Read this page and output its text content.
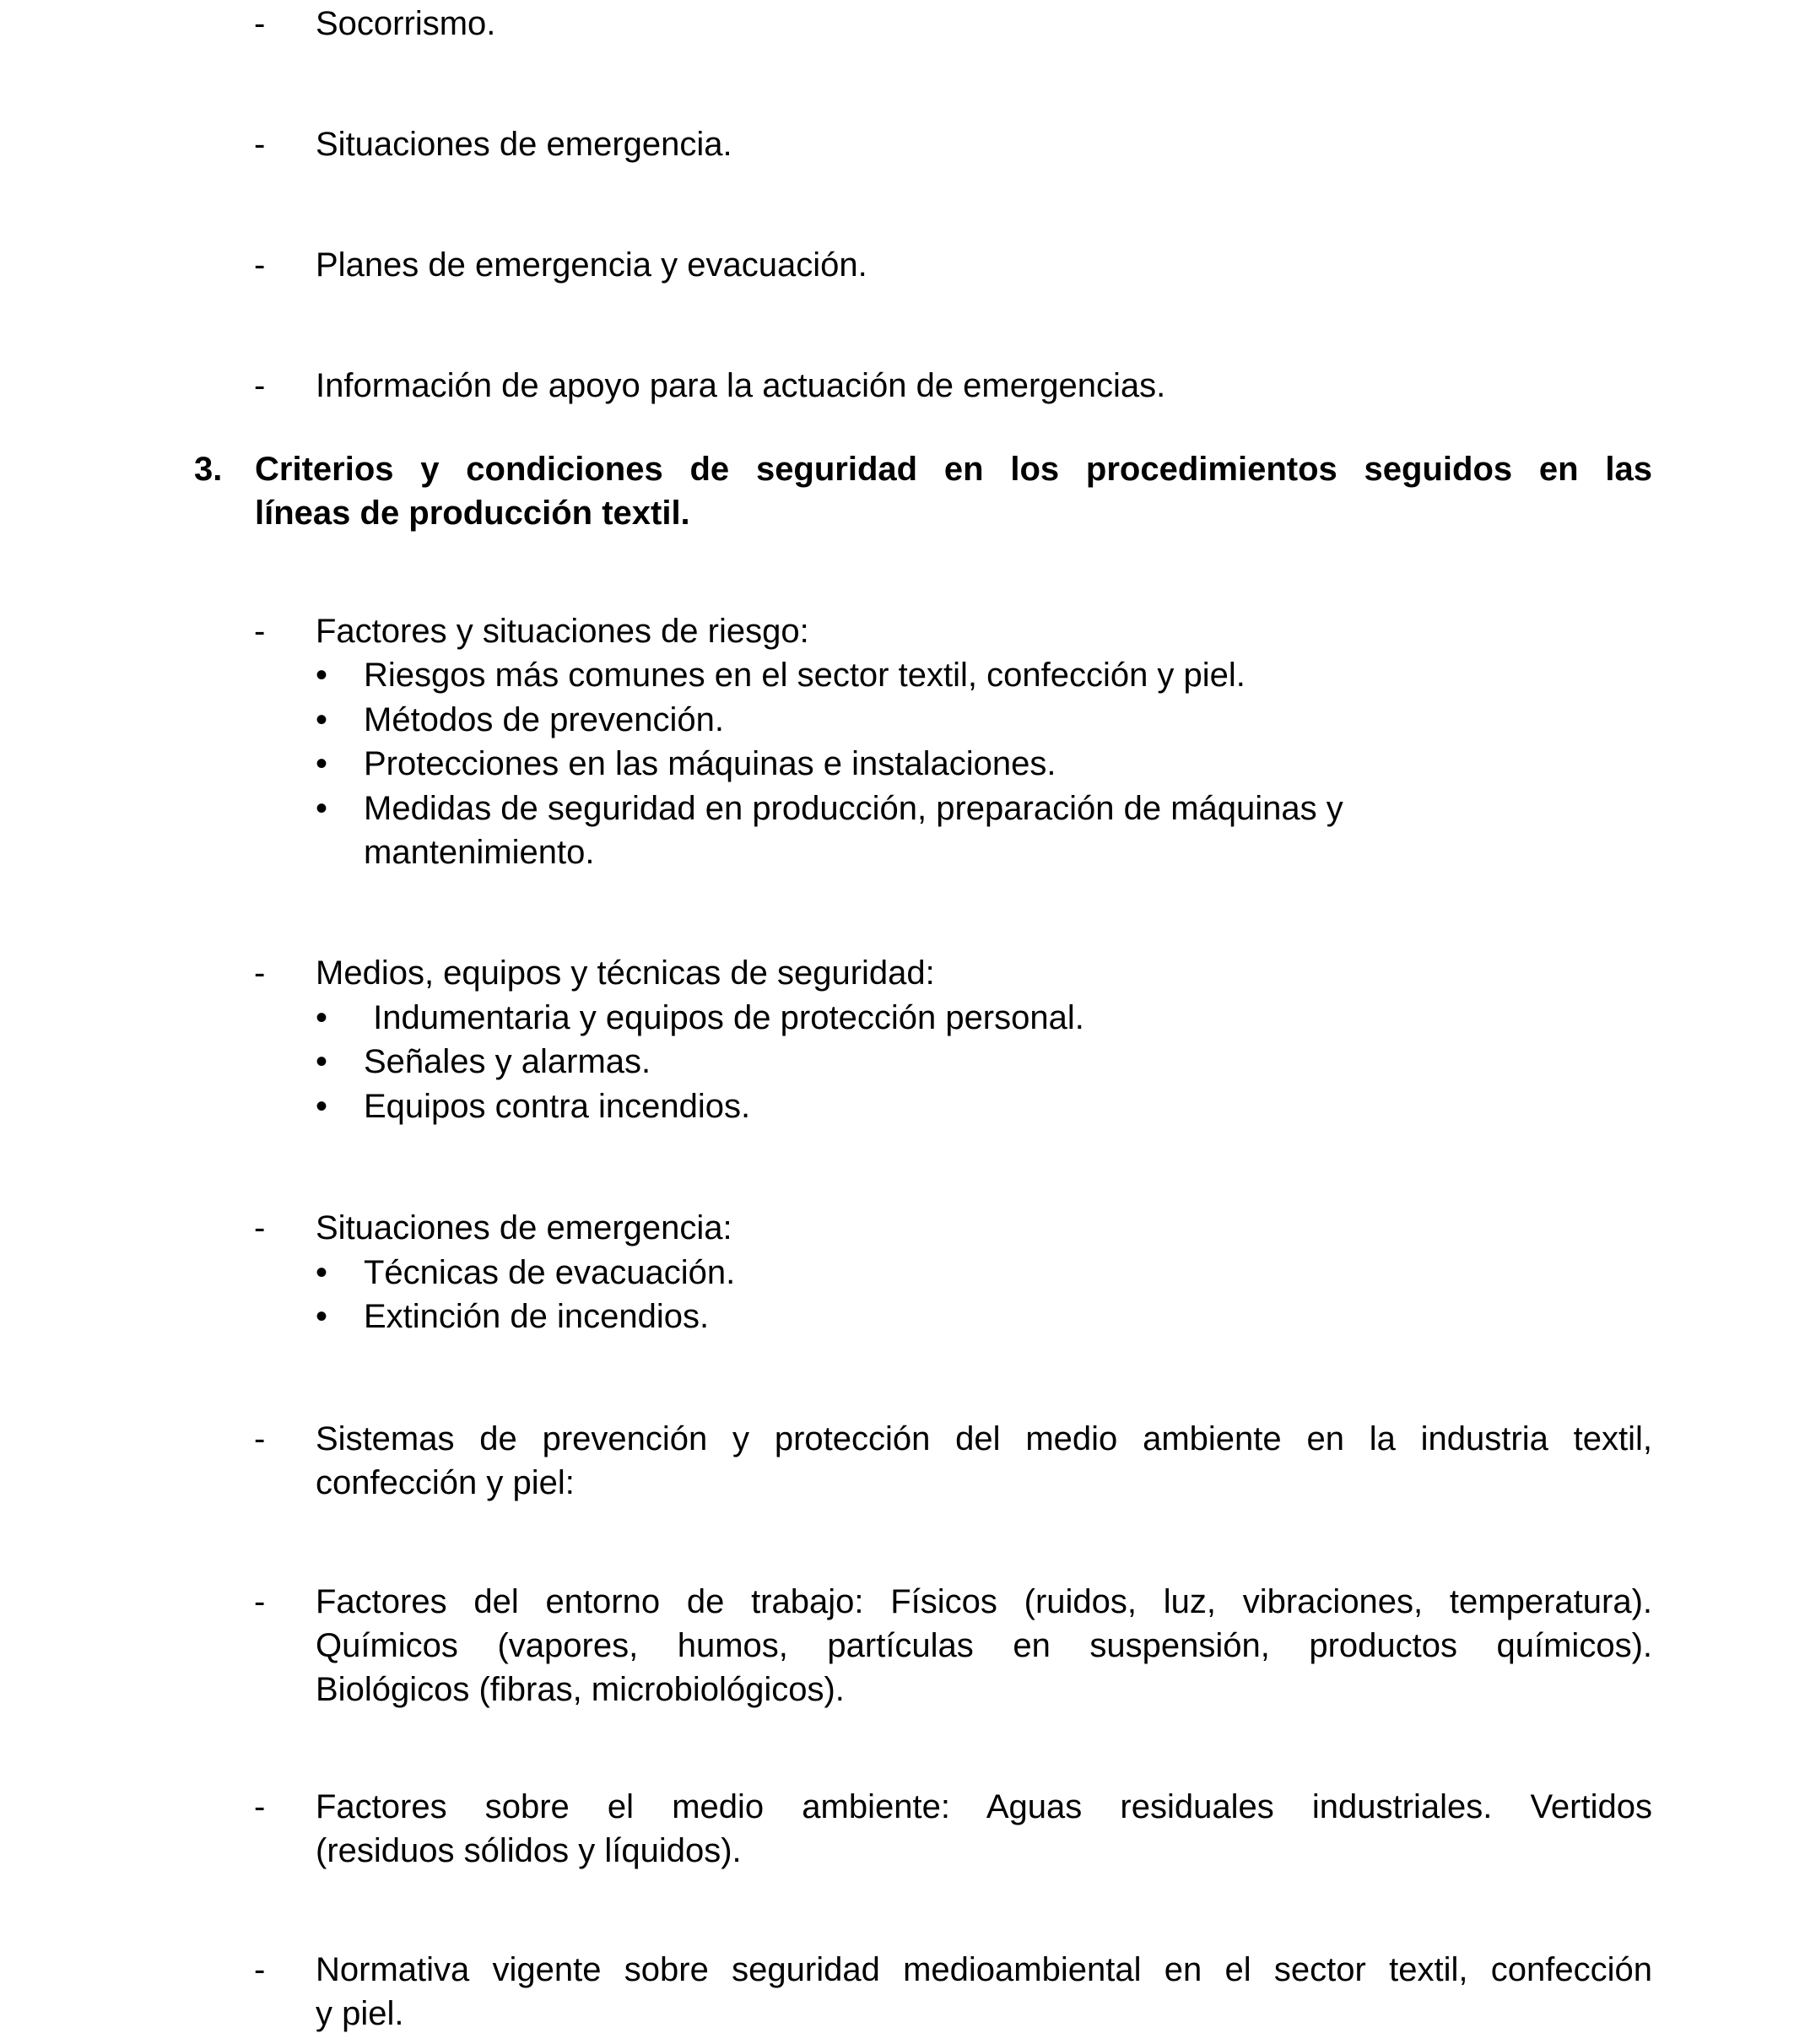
-	Socorrismo.
-	Situaciones de emergencia.
-	Planes de emergencia y evacuación.
-	Información de apoyo para la actuación de emergencias.
3. Criterios y condiciones de seguridad en los procedimientos seguidos en las
líneas de producción textil.
-	Factores y situaciones de riesgo:
•	Riesgos más comunes en el sector textil, confección y piel.
•	Métodos de prevención.
•	Protecciones en las máquinas e instalaciones.
•	Medidas de seguridad en producción, preparación de máquinas y
mantenimiento.
-	Medios, equipos y técnicas de seguridad:
•	Indumentaria y equipos de protección personal.
•	Señales y alarmas.
•	Equipos contra incendios.
-	Situaciones de emergencia:
•	Técnicas de evacuación.
•	Extinción de incendios.
-	Sistemas de prevención y protección del medio ambiente en la industria textil,
confección y piel:
-	Factores del entorno de trabajo: Físicos (ruidos, luz, vibraciones, temperatura).
Químicos (vapores, humos, partículas en suspensión, productos químicos).
Biológicos (fibras, microbiológicos).
-	Factores sobre el medio ambiente: Aguas residuales industriales. Vertidos
(residuos sólidos y líquidos).
-	Normativa vigente sobre seguridad medioambiental en el sector textil, confección
y piel.
